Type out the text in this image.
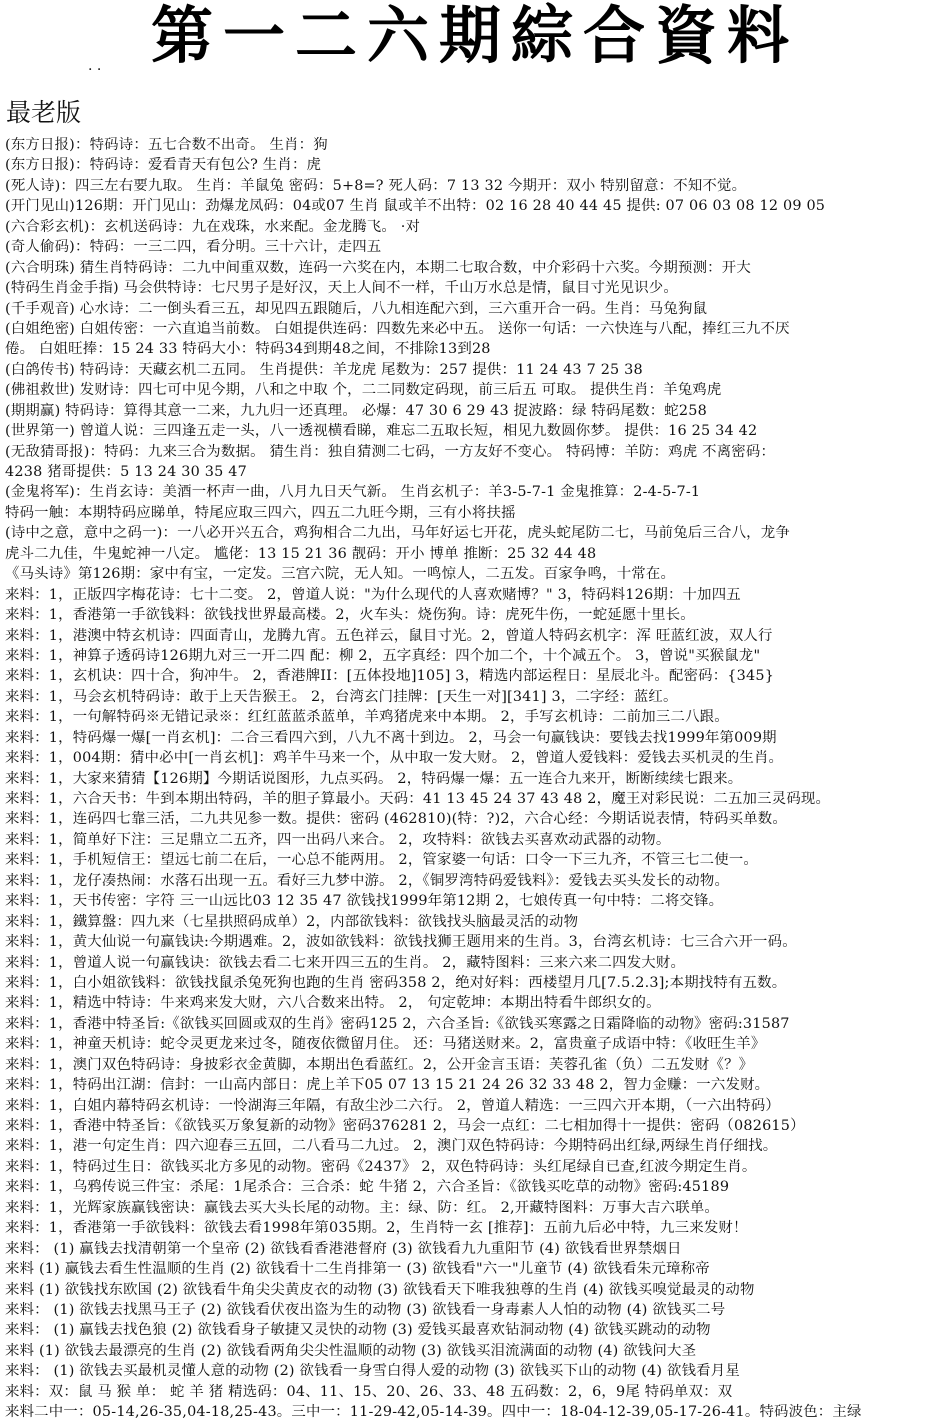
第一二六期綜合資料
. .
最老版
(东方日报)：特码诗：五七合数不出奇。 生肖：狗
(东方日报)：特码诗：爱看青天有包公? 生肖：虎
(死人诗)：四三左右要九取。 生肖：羊鼠兔 密码：5+8=? 死人码：7 13 32 今期开：双小 特别留意：不知不觉。
(开门见山)126期：开门见山：劲爆龙凤码：04或07 生肖 鼠或羊不出特：02 16 28 40 44 45 提供: 07 06 03 08 12 09 05
(六合彩玄机)：玄机送码诗：九在戏珠，水来配。金龙腾飞。 ·对
(奇人偷码)：特码：一三二四，看分明。三十六计，走四五
(六合明珠) 猜生肖特码诗：二九中间重双数，连码一六奖在内，本期二七取合数，中介彩码十六奖。今期预测：开大
(特码生肖金手指) 马会供特诗：七尺男子是好汉，天上人间不一样，千山万水总是情，鼠目寸光见识少。
(千手观音) 心水诗：二一倒头看三五，却见四五跟随后，八九相连配六到，三六重开合一码。生肖：马兔狗鼠
(白姐绝密) 白姐传密：一六直追当前数。 白姐提供连码：四数先来必中五。 送你一句话：一六快连与八配，捧红三九不厌
倦。 白姐旺捧：15 24 33 特码大小：特码34到期48之间，不排除13到28
(白鸽传书) 特码诗：天藏玄机二五同。 生肖提供：羊龙虎 尾数为：257 提供：11 24 43 7 25 38
(佛祖救世) 发财诗：四七可中见今期，八和之中取 个，二二同数定码现，前三后五 可取。 提供生肖：羊兔鸡虎
(期期赢) 特码诗：算得其意一二来，九九归一还真理。 必爆：47 30 6 29 43 捉波路：绿 特码尾数：蛇258
(世界第一) 曾道人说：三四逢五走一头，八一透视横看睇，难忘二五取长短，相见九数圆你梦。 提供：16 25 34 42
(无敌猜哥报)：特码：九来三合为数据。 猜生肖：独自猜测二七码，一方友好不变心。 特码博：羊防：鸡虎 不离密码：
4238 猪哥提供：5 13 24 30 35 47
(金鬼将军)：生肖玄诗：美酒一杯声一曲，八月九日天气新。 生肖玄机子：羊3-5-7-1 金鬼推算：2-4-5-7-1
特码一触：本期特码应睇单，特尾应取三四六，四五二九旺今期，三有小将扶摇
(诗中之意，意中之码一)：一八必开兴五合，鸡狗相合二九出，马年好运七开花，虎头蛇尾防二七，马前兔后三合八，龙争
虎斗二九佳，牛鬼蛇神一八定。 尴佬：13 15 21 36 靓码：开小 博单 推断：25 32 44 48
《马头诗》第126期：家中有宝，一定发。三宫六院，无人知。一鸣惊人，二五发。百家争鸣，十常在。
来料：1，正版四字梅花诗：七十二变。 2，曾道人说："为什么现代的人喜欢赌博？" 3，特码料126期：十加四五
来料：1，香港第一手欲钱料：欲钱找世界最高楼。2，火车头：烧伤狗。诗：虎死牛伤，一蛇延愿十里长。
来料：1，港澳中特玄机诗：四面青山，龙腾九宵。五色祥云，鼠目寸光。2，曾道人特码玄机字：浑 旺蓝红波，双人行
来料：1，神算子透码诗126期九对三一开二四 配：柳 2，五字真经：四个加二个，十个减五个。 3，曾说"买猴鼠龙"
来料：1，玄机诀：四十合，狗冲牛。 2，香港牌II：[五体投地]105] 3，精选内部运程日：星辰北斗。配密码：{345}
来料：1，马会玄机特码诗：敢于上天告猴王。 2，台湾玄门挂牌：[天生一对][341] 3，二字经：蓝红。
来料：1，一句解特码※无错记录※：红红蓝蓝杀蓝单，羊鸡猪虎来中本期。 2，手写玄机诗：二前加三二八跟。
来料：1，特码爆一爆[一肖玄机]：二合三看四六到，八九不离十到边。 2，马会一句赢钱诀：要钱去找1999年第009期
来料：1，004期：猜中必中[一肖玄机]：鸡羊牛马来一个，从中取一发大财。 2，曾道人爱钱料：爱钱去买机灵的生肖。
来料：1，大家来猜猜【126期】今期话说图形，九点买码。 2，特码爆一爆：五一连合九来开，断断续续七跟来。
来料：1，六合天书：牛到本期出特码，羊的胆子算最小。天码：41 13 45 24 37 43 48 2，魔王对彩民说：二五加三灵码现。
来料：1，连码四七靠三活，二九共见参一数。提供：密码 (462810)(特：?)2，六合心经：今期话说表情，特码买单数。
来料：1，简单好下注：三足鼎立二五齐，四一出码八来合。 2，攻特料：欲钱去买喜欢动武器的动物。
来料：1，手机短信王：望远七前二在后，一心总不能两用。 2，管家婆一句话：口令一下三九齐，不管三七二使一。
来料：1，龙仔凑热闹：水落石出现一五。看好三九梦中游。 2，《铜罗湾特码爱钱料》：爱钱去买头发长的动物。
来料：1，天书传密：字符 三一山远比03 12 35 47 欲钱找1999年第12期 2，七娘传真一句中特：二将交锋。
来料：1，鐵算盤：四九来（七星拱照码成单）2，内部欲钱料：欲钱找头脑最灵活的动物
来料：1，黄大仙说一句赢钱诀:今期遇难。2，波如欲钱料：欲钱找狮王题用来的生肖。3，台湾玄机诗：七三合六开一码。
来料：1，曾道人说一句赢钱诀：欲钱去看二七来开四三五的生肖。 2，藏特图料：三来六来二四发大财。
来料：1，白小姐欲钱料：欲钱找鼠杀兔死狗也跑的生肖 密码358 2，绝对好料：西楼望月几[7.5.2.3];本期找特有五数。
来料：1，精选中特诗：牛来鸡来发大财，六八合数来出特。 2， 句定乾坤：本期出特看牛郎织女的。
来料：1，香港中特圣旨:《欲钱买回圆或双的生肖》密码125 2，六合圣旨:《欲钱买寒露之日霜降临的动物》密码:31587
来料：1，神童天机诗：蛇令灵更龙来过冬，随夜依微留月住。 还：马猪送财来。2，富贵童子成语中特：《收旺生羊》
来料：1，澳门双色特码诗：身披彩衣金黄脚，本期出色看蓝红。2，公开金言玉语：芙蓉孔雀（负）二五发财《？》
来料：1，特码出江湖：信封：一山高内部日：虎上羊下05 07 13 15 21 24 26 32 33 48 2，智力金赚：一六发财。
来料：1，白姐内幕特码玄机诗：一怜湖海三年隔，有敌尘沙二六行。 2，曾道人精选：一三四六开本期，（一六出特码）
来料：1，香港中特圣旨：《欲钱买万象复新的动物》密码376281 2，马会一点红：二七相加得十一提供：密码（082615）
来料：1，港一句定生肖：四六迎春三五回，二八看马二九过。 2，澳门双色特码诗：今期特码出红绿,两绿生肖仔细找。
来料：1，特码过生日：欲钱买北方多见的动物。密码《2437》 2，双色特码诗：头红尾绿自已查,红波今期定生肖。
来料：1，乌鸦传说三件宝：杀尾：1尾杀合：三合杀：蛇 牛猪 2，六合圣旨：《欲钱买吃草的动物》密码:45189
来料：1，光辉家族赢钱密诀：赢钱去买大头长尾的动物。主：绿、防：红。 2,开藏特图料：万事大吉六联单。
来料：1，香港第一手欲钱料：欲钱去看1998年第035期。2，生肖特一玄 [推荐]：五前九后必中特，九三来发财！
来料： (1) 赢钱去找清朝第一个皇帝 (2) 欲钱看香港港督府 (3) 欲钱看九九重阳节 (4) 欲钱看世界禁烟日
来料 (1) 赢钱去看生性温顺的生肖 (2) 欲钱看十二生肖排第一 (3) 欲钱看"六一"儿童节 (4) 欲钱看朱元璋称帝
来料 (1) 欲钱找东欧国 (2) 欲钱看牛角尖尖黄皮衣的动物 (3) 欲钱看天下唯我独尊的生肖 (4) 欲钱买嗅觉最灵的动物
来料： (1) 欲钱去找黑马王子 (2) 欲钱看伏夜出盗为生的动物 (3) 欲钱看一身毒素人人怕的动物 (4) 欲钱买二号
来料： (1) 赢钱去找色狼 (2) 欲钱看身子敏捷又灵快的动物 (3) 爱钱买最喜欢钻洞动物 (4) 欲钱买跳动的动物
来料 (1) 欲钱去最漂亮的生肖 (2) 欲钱看两角尖尖性温顺的动物 (3) 欲钱买泪流满面的动物 (4) 欲钱问大圣
来料： (1) 欲钱去买最机灵懂人意的动物 (2) 欲钱看一身雪白得人爱的动物 (3) 欲钱买下山的动物 (4) 欲钱看月星
来料：双：鼠 马 猴 单： 蛇 羊 猪 精选码：04、11、15、20、26、33、48 五码数：2，6，9尾 特码单双：双
来料二中一：05-14,26-35,04-18,25-43。三中一：11-29-42,05-14-39。四中一：18-04-12-39,05-17-26-41。特码波色：主绿
